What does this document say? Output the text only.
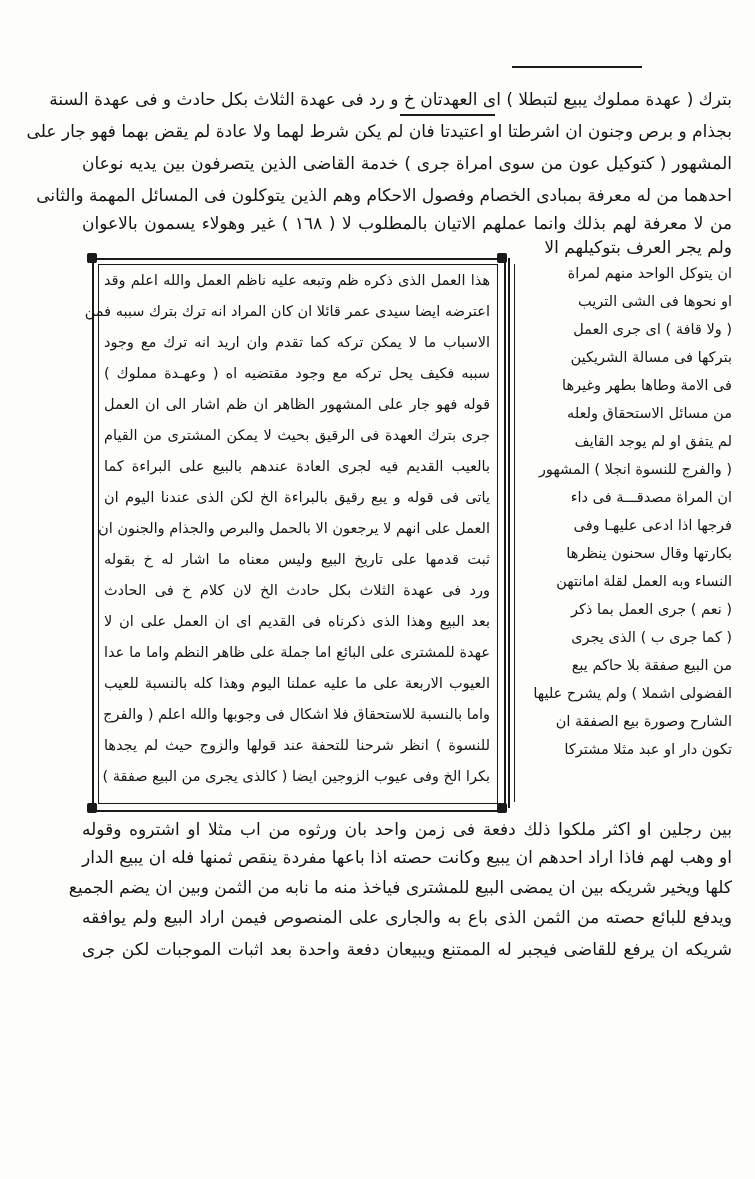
بترك ( عهدة مملوك يبيع لتبطلا ) اى العهدتان خ و رد فى عهدة الثلاث بكل حادث و فى عهدة السنة
بجذام و برص وجنون ان اشرطتا او اعتيدتا فان لم يكن شرط لهما ولا عادة لم يقض بهما فهو جار على
المشهور ( كتوكيل عون من سوى امراة جرى ) خدمة القاضى الذين يتصرفون بين يديه نوعان
احدهما من له معرفة بمبادى الخصام وفصول الاحكام وهم الذين يتوكلون فى المسائل المهمة والثانى
من لا معرفة لهم بذلك وانما عملهم الاتيان بالمطلوب لا ( ١٦٨ ) غير وهولاء يسمون بالاعوان
ولم يجر العرف بتوكيلهم الا
ان يتوكل الواحد منهم لمراة
او نحوها فى الشى التريب
( ولا قافة ) اى جرى العمل
بتركها فى مسالة الشريكين
فى الامة وطاها بطهر وغيرها
من مسائل الاستحقاق ولعله
لم يتفق او لم يوجد القايف
( والفرج للنسوة انجلا ) المشهور
ان المراة مصدقـــة فى داء
فرجها اذا ادعى عليهـا وفى
بكارتها وقال سحنون ينظرها
النساء وبه العمل لقلة امانتهن
( نعم ) جرى العمل بما ذكر
( كما جرى ب ) الذى يجرى
من البيع صفقة بلا حاكم يبع
الفضولى اشملا ) ولم يشرح عليها
الشارح وصورة بيع الصفقة ان
تكون دار او عبد مثلا مشتركا
هذا العمل الذى ذكره ظم وتبعه عليه ناظم العمل والله اعلم وقد
اعترضه ايضا سيدى عمر قائلا ان كان المراد انه ترك بترك سببه فمن
الاسباب ما لا يمكن تركه كما تقدم وان اريد انه ترك مع وجود
سببه فكيف يحل تركه مع وجود مقتضيه اه ( وعهـدة مملوك )
قوله فهو جار على المشهور الظاهر ان ظم اشار الى ان العمل
جرى بترك العهدة فى الرقيق بحيث لا يمكن المشترى من القيام
بالعيب القديم فيه لجرى العادة عندهم بالبيع على البراءة كما
ياتى فى قوله و يبع رقيق بالبراءة الخ لكن الذى عندنا اليوم ان
العمل على انهم لا يرجعون الا بالحمل والبرص والجذام والجنون ان
ثبت قدمها على تاريخ البيع وليس معناه ما اشار له خ بقوله
ورد فى عهدة الثلاث بكل حادث الخ لان كلام خ فى الحادث
بعد البيع وهذا الذى ذكرناه فى القديم اى ان العمل على ان لا
عهدة للمشترى على البائع اما جملة على ظاهر النظم واما ما عدا
العيوب الاربعة على ما عليه عملنا اليوم وهذا كله بالنسبة للعيب
واما بالنسبة للاستحقاق فلا اشكال فى وجوبها والله اعلم ( والفرج
للنسوة ) انظر شرحنا للتحفة عند قولها والزوج حيث لم يجدها
بكرا الخ وفى عيوب الزوجين ايضا ( كالذى يجرى من البيع صفقة )
بين رجلين او اكثر ملكوا ذلك دفعة فى زمن واحد بان ورثوه من اب مثلا او اشتروه وقوله
او وهب لهم فاذا اراد احدهم ان يبيع وكانت حصته اذا باعها مفردة ينقص ثمنها فله ان يبيع الدار
كلها ويخير شريكه بين ان يمضى البيع للمشترى فياخذ منه ما نابه من الثمن وبين ان يضم الجميع
ويدفع للبائع حصته من الثمن الذى باع به والجارى على المنصوص فيمن اراد البيع ولم يوافقه
شريكه ان يرفع للقاضى فيجبر له الممتنع ويبيعان دفعة واحدة بعد اثبات الموجبات لكن جرى
